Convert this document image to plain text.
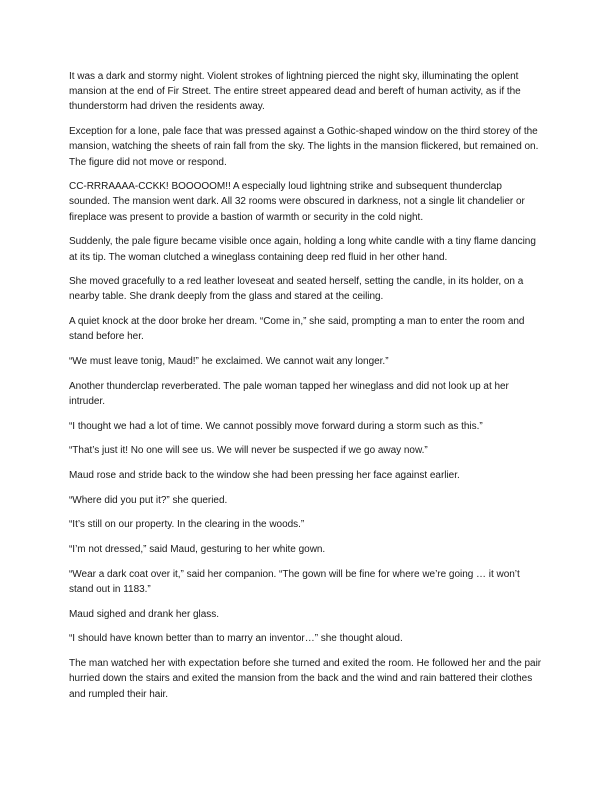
It was a dark and stormy night. Violent strokes of lightning pierced the night sky, illuminating the oplent mansion at the end of Fir Street. The entire street appeared dead and bereft of human activity, as if the thunderstorm had driven the residents away.

Exception for a lone, pale face that was pressed against a Gothic-shaped window on the third storey of the mansion, watching the sheets of rain fall from the sky. The lights in the mansion flickered, but remained on. The figure did not move or respond.

CC-RRRAAAA-CCKK! BOOOOOM!! A especially loud lightning strike and subsequent thunderclap sounded. The mansion went dark. All 32 rooms were obscured in darkness, not a single lit chandelier or fireplace was present to provide a bastion of warmth or security in the cold night.

Suddenly, the pale figure became visible once again, holding a long white candle with a tiny flame dancing at its tip. The woman clutched a wineglass containing deep red fluid in her other hand.

She moved gracefully to a red leather loveseat and seated herself, setting the candle, in its holder, on a nearby table. She drank deeply from the glass and stared at the ceiling.

A quiet knock at the door broke her dream. “Come in,” she said, prompting a man to enter the room and stand before her.

“We must leave tonig, Maud!” he exclaimed. We cannot wait any longer.”

Another thunderclap reverberated. The pale woman tapped her wineglass and did not look up at her intruder.

“I thought we had a lot of time. We cannot possibly move forward during a storm such as this.”

“That’s just it! No one will see us. We will never be suspected if we go away now.”

Maud rose and stride back to the window she had been pressing her face against earlier.

“Where did you put it?” she queried.

“It’s still on our property. In the clearing in the woods.”

“I’m not dressed,” said Maud, gesturing to her white gown.

“Wear a dark coat over it,” said her companion. “The gown will be fine for where we’re going … it won’t stand out in 1183.”

Maud sighed and drank her glass.

“I should have known better than to marry an inventor…” she thought aloud.

The man watched her with expectation before she turned and exited the room. He followed her and the pair hurried down the stairs and exited the mansion from the back and the wind and rain battered their clothes and rumpled their hair.
